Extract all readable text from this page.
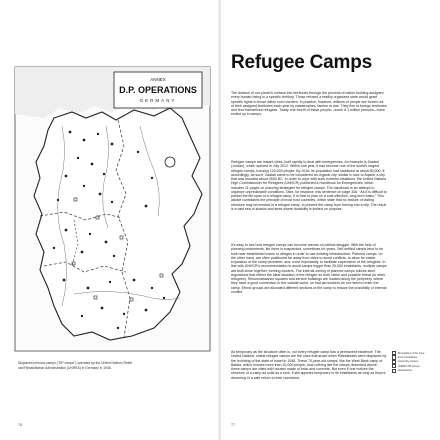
ANNEX
D.P. OPERATIONS
GERMANY

Displaced persons camps ("DP camps") operated by the United Nations Relief and Rehabilitation Administration (UNRRA) in Germany in 1946.

76
Refugee Camps

The division of our planet's surface into territories through the process of nation building assigned every human being to a specific territory. Those refused a readily organized state would grant specific rights to those within such borders. In practice, however, millions of people are forced out of their assigned territories each year by catastrophes, famine or war. They flee to foreign territories and find themselves refugees. Today one fourth of these people—some 6.1 million persons—have ended up in camps.

Refugee camps are instant cities, built rapidly to deal with emergencies. An example is Zaatari (Jordan), which opened in July 2012. Within one year, it had become one of the world's largest refugee camps, housing 120,000 people. By 2016, its population had stabilized at about 80,000. If, accordingly, as such, Zaatari came to be considered an organic city, similar in size to Aqaba, a city that was founded about 4000 BC. In order to cope with such extreme situations, the United Nations High Commissioner for Refugees (UNHCR) published a Handbook for Emergencies, which includes 11 pages on planning strategies for refugee camps. The handbook is an attempt to organize unpredictable conditions. Take, for instance, this sentence on page 336: "As it is difficult to predict the life span of a refugee camp, it is best to plan on a cost-effective, long-term basis." This advice contradicts the principle of most host countries, which state that no feature of lasting structure may be erected in a refugee camp, to prevent the camp from turning into a city. The result is a vast sea of shacks and tents where durability is limited on purpose.

It's easy to see how refugee camps can become arenas of political struggle. With the help of planning instruments, life there is suspended, sometimes for years. Self-settled camps tend to be built near established towns or villages in order to use existing infrastructure. Planned camps, on the other hand, are often positioned far away from cities to avoid conflicts, to allow for easier expansion of the camp perimeter, and, most importantly, to facilitate supervision of the refugees. In line with UNHCR's recommendation to avoid camps bigger than 20,000 inhabitants, multiple camps are built close together, forming clusters. The internal zoning of planned camps follows strict regulations that reflect the ideal situation of the refugee as both victim and possible threat (to other refugees). Reconnaissance squares and service buildings are located along the periphery, where they have a good connection to the outside world, so that aid workers do not need to enter the camp. Ethnic groups are allocated different sections of the camp to reduce the possibility of internal conflict.

As temporary as the structure often is, not every refugee camp has a permanent existence. The United Nations' oldest refugee camps are the ones that arose when Palestinians were displaced by the founding of the state of Israel in 1948. These 70-year-old camps, like the West Bank camp of Balata, which houses more than 20,000 people, look nothing like the camps described above; these camps are cities with houses made of brick and concrete. But even if one notices the structure of a camp as solid as a rock, it still appears temporary to its inhabitants as long as they're dreaming of a safe return to their homeland.

Boundaries of the zone
Zone boundaries
Assembly centres
UNRRA DP camps
Cities/towns
77
